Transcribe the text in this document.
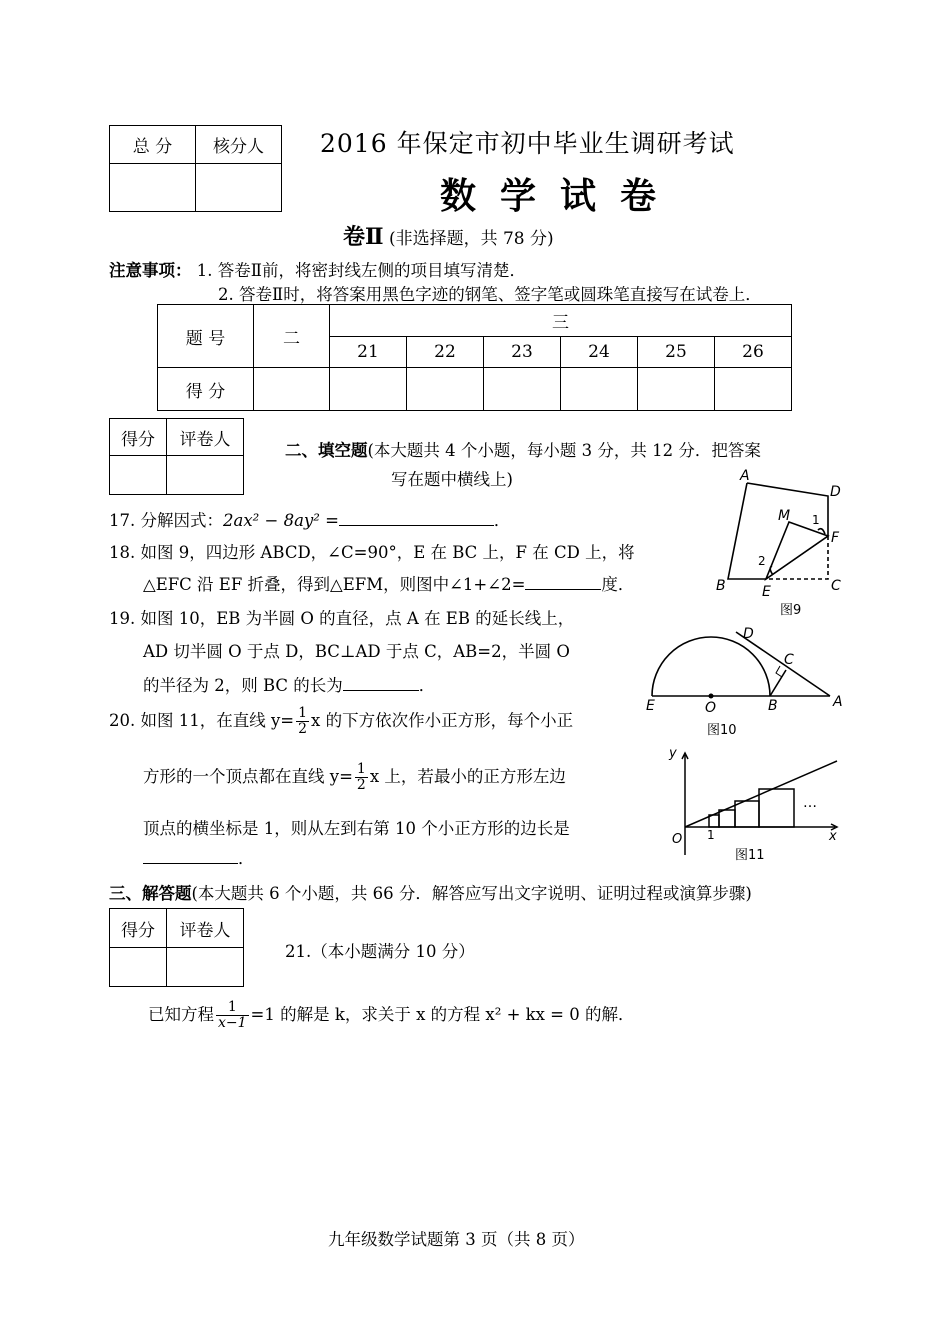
总 分	核分人
	2016 年保定市初中毕业生调研考试
数学试卷
卷Ⅱ (非选择题，共 78 分)
注意事项： 1. 答卷Ⅱ前，将密封线左侧的项目填写清楚．
2. 答卷Ⅱ时，将答案用黑色字迹的钢笔、签字笔或圆珠笔直接写在试卷上．
题 号	二	三					
		21	22	23	24	25	26
得 分							
得分	评卷人

二、填空题(本大题共 4 个小题，每小题 3 分，共 12 分．把答案
写在题中横线上)
17. 分解因式：2ax² − 8ay² =	．
18. 如图 9，四边形 ABCD，∠C=90°，E 在 BC 上，F 在 CD 上，将
△EFC 沿 EF 折叠，得到△EFM，则图中∠1+∠2=	度．
19. 如图 10，EB 为半圆 O 的直径，点 A 在 EB 的延长线上，
AD 切半圆 O 于点 D，BC⊥AD 于点 C，AB=2，半圆 O
的半径为 2，则 BC 的长为	．
20. 如图 11，在直线 $y= \frac{1}{2}$ x 的下方依次作小正方形，每个小正
方形的一个顶点都在直线 $y= \frac{1}{2}$ x 上，若最小的正方形左边
顶点的横坐标是 1，则从左到右第 10 个小正方形的边长是
．
三、解答题(本大题共 6 个小题，共 66 分．解答应写出文字说明、证明过程或演算步骤)
得分	评卷人

21.（本小题满分 10 分）
已知方程 $\frac{1}{x-1} =1$ 的解是 k，求关于 x 的方程 x² + kx = 0 的解．
A
D
M 1
F
2
B	E	C
图9
D
C
E	O	B	A
图10
y
O 1	x
…
图11
九年级数学试题第 3 页（共 8 页）
